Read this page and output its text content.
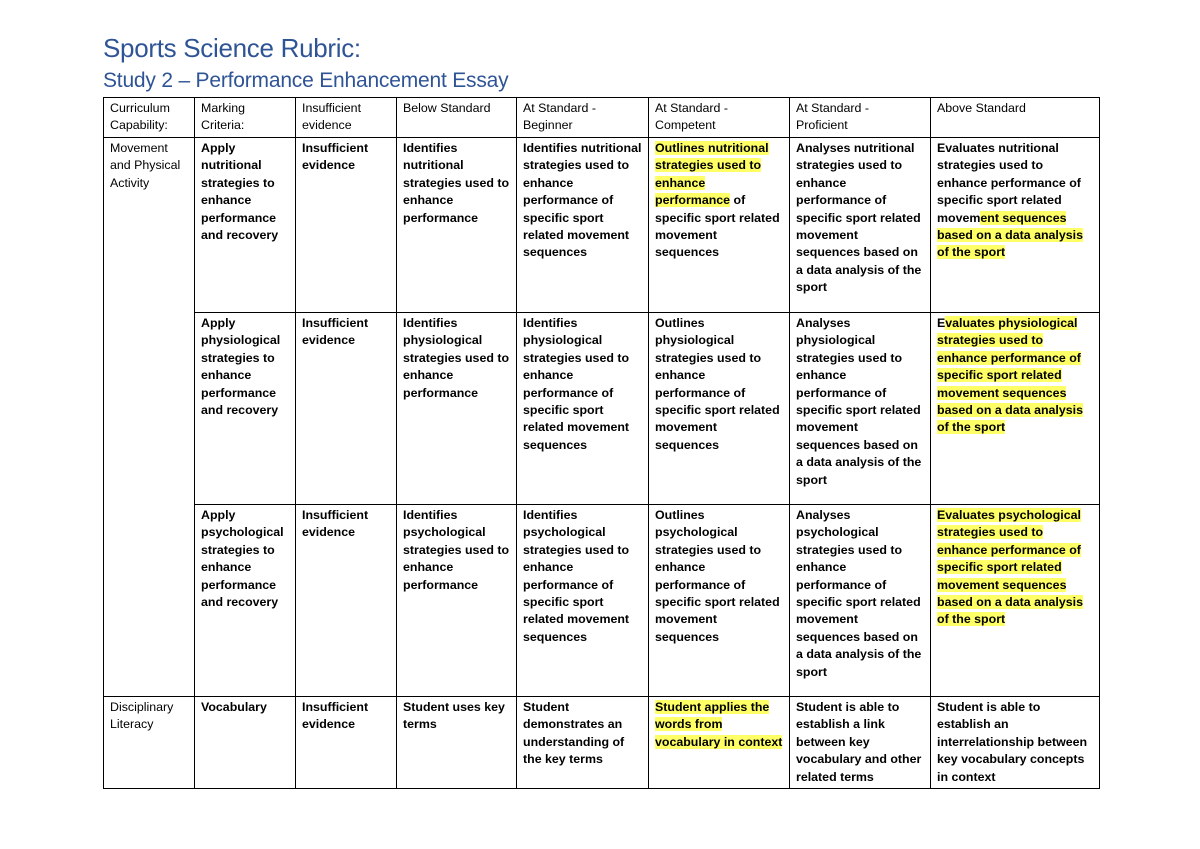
Sports Science Rubric:
Study 2 – Performance Enhancement Essay
Curriculum Capability:	Marking Criteria:	Insufficient evidence	Below Standard	At Standard - Beginner	At Standard - Competent	At Standard - Proficient	Above Standard
Movement and Physical Activity	Apply nutritional strategies to enhance performance and recovery	Insufficient evidence	Identifies nutritional strategies used to enhance performance	Identifies nutritional strategies used to enhance performance of specific sport related movement sequences	Outlines nutritional strategies used to enhance performance of specific sport related movement sequences	Analyses nutritional strategies used to enhance performance of specific sport related movement sequences based on a data analysis of the sport	Evaluates nutritional strategies used to enhance performance of specific sport related movement sequences based on a data analysis of the sport
	Apply physiological strategies to enhance performance and recovery	Insufficient evidence	Identifies physiological strategies used to enhance performance	Identifies physiological strategies used to enhance performance of specific sport related movement sequences	Outlines physiological strategies used to enhance performance of specific sport related movement sequences	Analyses physiological strategies used to enhance performance of specific sport related movement sequences based on a data analysis of the sport	Evaluates physiological strategies used to enhance performance of specific sport related movement sequences based on a data analysis of the sport
	Apply psychological strategies to enhance performance and recovery	Insufficient evidence	Identifies psychological strategies used to enhance performance	Identifies psychological strategies used to enhance performance of specific sport related movement sequences	Outlines psychological strategies used to enhance performance of specific sport related movement sequences	Analyses psychological strategies used to enhance performance of specific sport related movement sequences based on a data analysis of the sport	Evaluates psychological strategies used to enhance performance of specific sport related movement sequences based on a data analysis of the sport
Disciplinary Literacy	Vocabulary	Insufficient evidence	Student uses key terms	Student demonstrates an understanding of the key terms	Student applies the words from vocabulary in context	Student is able to establish a link between key vocabulary and other related terms	Student is able to establish an interrelationship between key vocabulary concepts in context
